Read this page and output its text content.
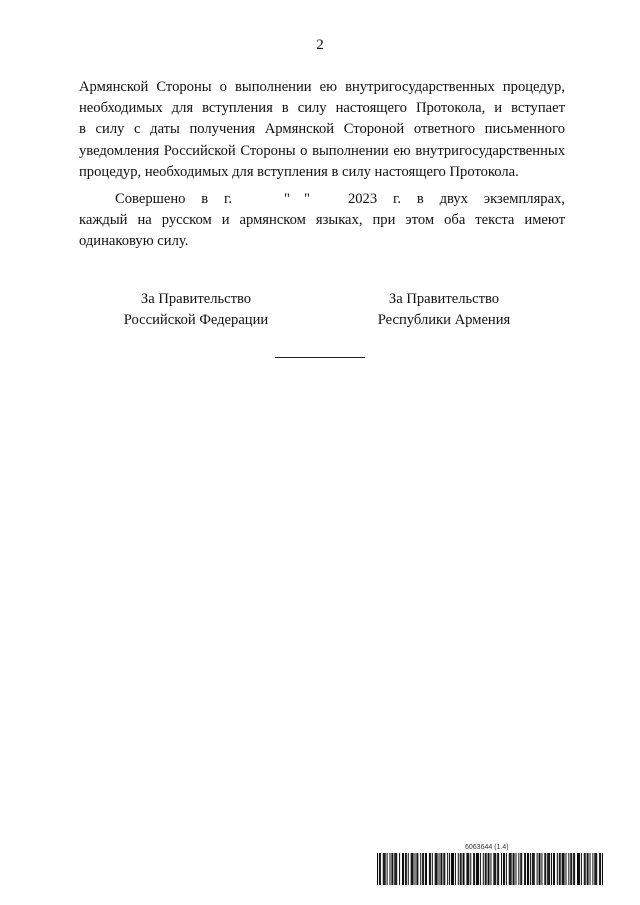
2

Армянской Стороны о выполнении ею внутригосударственных процедур,
необходимых для вступления в силу настоящего Протокола, и вступает
в силу с даты получения Армянской Стороной ответного письменного
уведомления Российской Стороны о выполнении ею внутригосударственных
процедур, необходимых для вступления в силу настоящего Протокола.

Совершено в г.	" "	2023 г. в двух экземплярах,
каждый на русском и армянском языках, при этом оба текста имеют
одинаковую силу.

За Правительство
Российской Федерации
За Правительство
Республики Армения
6063644 (1.4)
